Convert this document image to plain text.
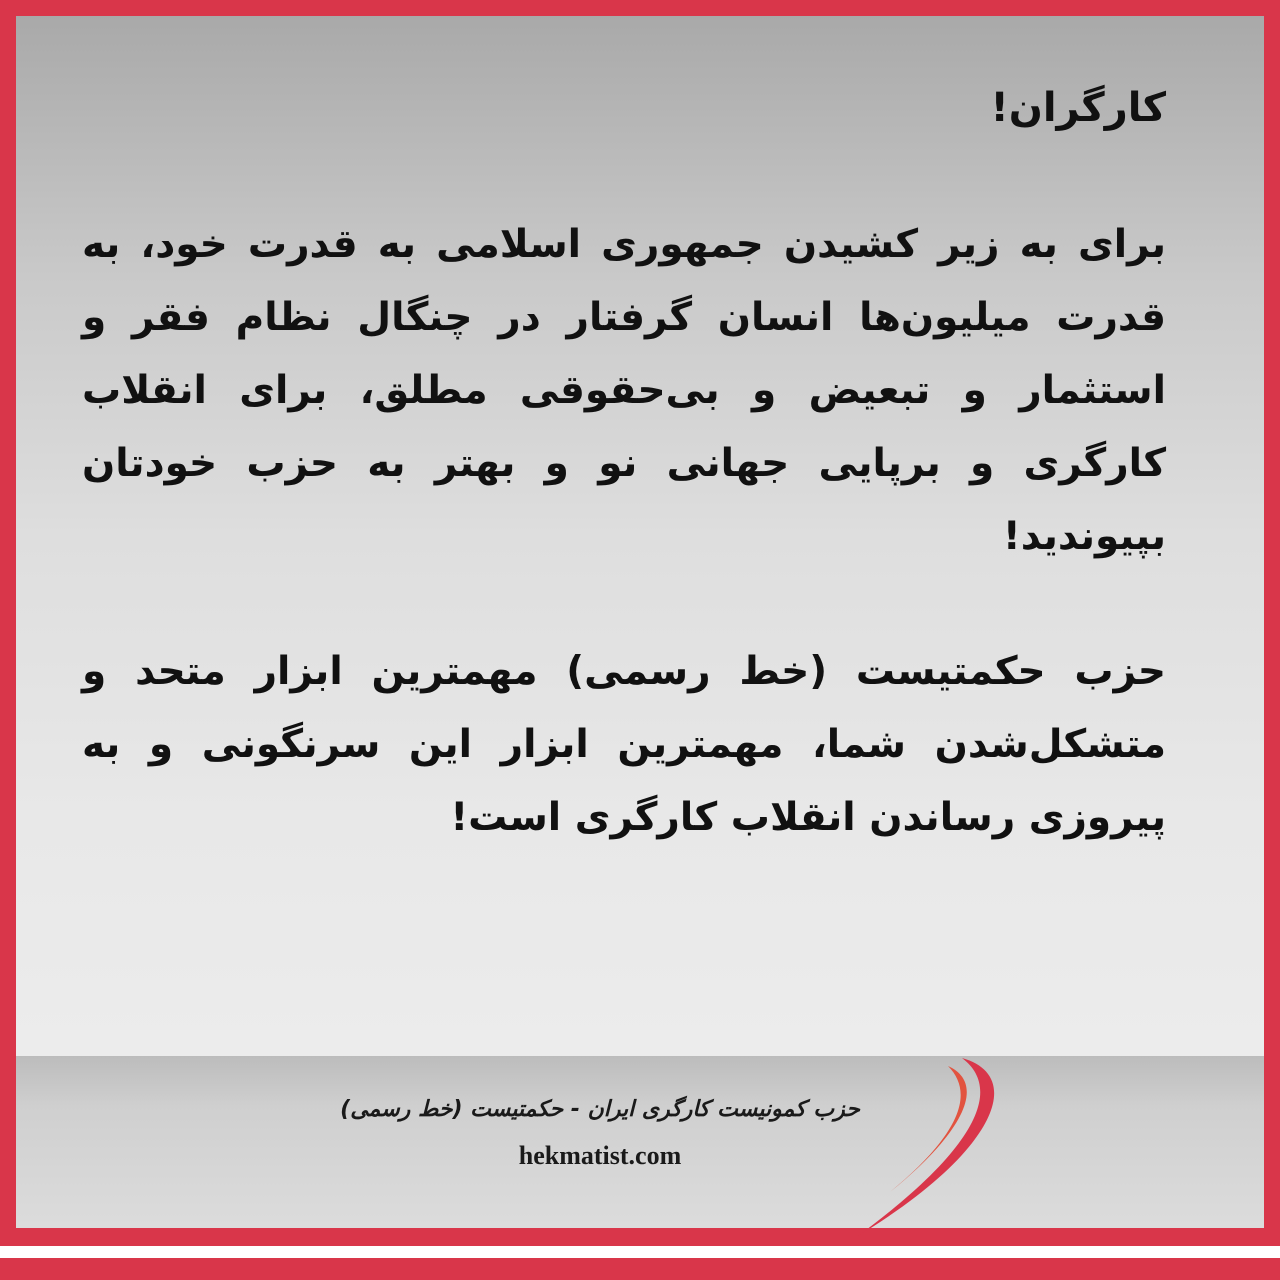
کارگران!

برای به زیر کشیدن جمهوری اسلامی به قدرت خود، به قدرت میلیون‌ها انسان گرفتار در چنگال نظام فقر و استثمار و تبعیض و بی‌حقوقی مطلق، برای انقلاب کارگری و برپایی جهانی نو و بهتر به حزب خودتان بپیوندید!

حزب حکمتیست (خط رسمی) مهمترین ابزار متحد و متشکل‌شدن شما، مهمترین ابزار این سرنگونی و به پیروزی رساندن انقلاب کارگری است!

حزب کمونیست کارگری ایران - حکمتیست (خط رسمی)
hekmatist.com
